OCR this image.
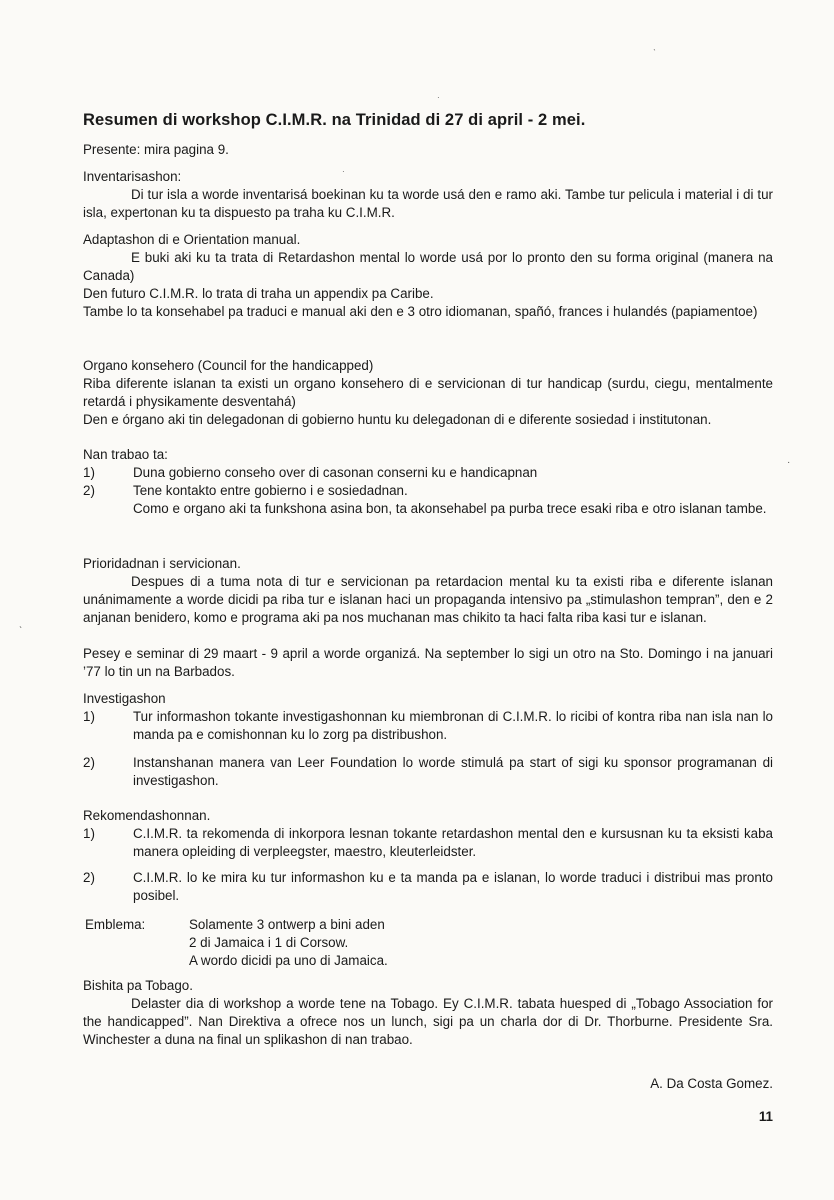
Resumen di workshop C.I.M.R. na Trinidad di 27 di april - 2 mei.
Presente: mira pagina 9.
Inventarisashon:
Di tur isla a worde inventarisá boekinan ku ta worde usá den e ramo aki. Tambe tur pelicula i material i di tur isla, expertonan ku ta dispuesto pa traha ku C.I.M.R.
Adaptashon di e Orientation manual.
E buki aki ku ta trata di Retardashon mental lo worde usá por lo pronto den su forma original (manera na Canada)
Den futuro C.I.M.R. lo trata di traha un appendix pa Caribe.
Tambe lo ta konsehabel pa traduci e manual aki den e 3 otro idiomanan, spañó, frances i hulandés (papiamentoe)
Organo konsehero (Council for the handicapped)
Riba diferente islanan ta existi un organo konsehero di e servicionan di tur handicap (surdu, ciegu, mentalmente retardá i physikamente desventahá)
Den e órgano aki tin delegadonan di gobierno huntu ku delegadonan di e diferente sosiedad i institutonan.
Nan trabao ta:
1)	Duna gobierno conseho over di casonan conserni ku e handicapnan
2)	Tene kontakto entre gobierno i e sosiedadnan.
Como e organo aki ta funkshona asina bon, ta akonsehabel pa purba trece esaki riba e otro islanan tambe.
Prioridadnan i servicionan.
Despues di a tuma nota di tur e servicionan pa retardacion mental ku ta existi riba e diferente islanan unánimamente a worde dicidi pa riba tur e islanan haci un propaganda intensivo pa „stimulashon tempran”, den e 2 anjanan benidero, komo e programa aki pa nos muchanan mas chikito ta haci falta riba kasi tur e islanan.
Pesey e seminar di 29 maart - 9 april a worde organizá. Na september lo sigi un otro na Sto. Domingo i na januari ’77 lo tin un na Barbados.
Investigashon
1)	Tur informashon tokante investigashonnan ku miembronan di C.I.M.R. lo ricibi of kontra riba nan isla nan lo manda pa e comishonnan ku lo zorg pa distribushon.
2)	Instanshanan manera van Leer Foundation lo worde stimulá pa start of sigi ku sponsor programanan di investigashon.
Rekomendashonnan.
1)	C.I.M.R. ta rekomenda di inkorpora lesnan tokante retardashon mental den e kursusnan ku ta eksisti kaba manera opleiding di verpleegster, maestro, kleuterleidster.
2)	C.I.M.R. lo ke mira ku tur informashon ku e ta manda pa e islanan, lo worde traduci i distribui mas pronto posibel.
Emblema:	Solamente 3 ontwerp a bini aden
2 di Jamaica i 1 di Corsow.
A wordo dicidi pa uno di Jamaica.
Bishita pa Tobago.
Delaster dia di workshop a worde tene na Tobago. Ey C.I.M.R. tabata huesped di „Tobago Association for the handicapped”. Nan Direktiva a ofrece nos un lunch, sigi pa un charla dor di Dr. Thorburne. Presidente Sra. Winchester a duna na final un splikashon di nan trabao.
A. Da Costa Gomez.
11
·
ˋ
·
·
ˋ
